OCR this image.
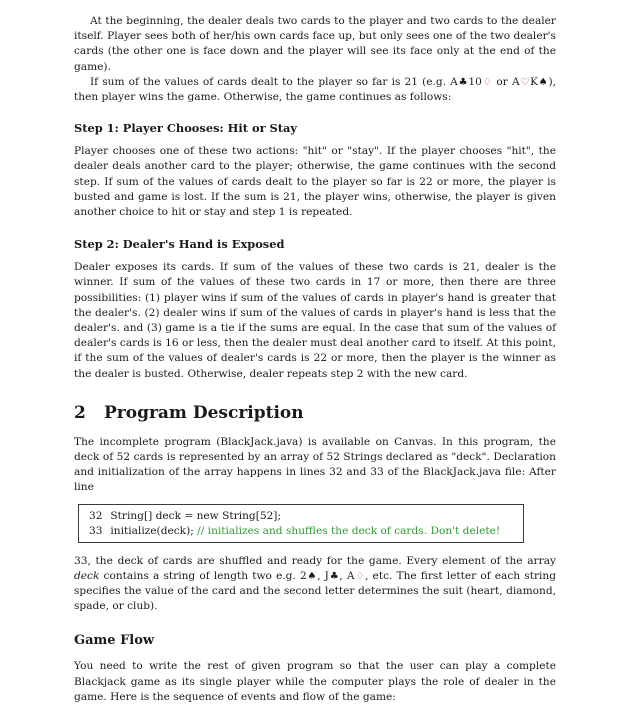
At the beginning, the dealer deals two cards to the player and two cards to the dealer itself. Player sees both of her/his own cards face up, but only sees one of the two dealer's cards (the other one is face down and the player will see its face only at the end of the game).

If sum of the values of cards dealt to the player so far is 21 (e.g. A♣10♢ or A♡K♠), then player wins the game. Otherwise, the game continues as follows:

Step 1: Player Chooses: Hit or Stay

Player chooses one of these two actions: "hit" or "stay". If the player chooses "hit", the dealer deals another card to the player; otherwise, the game continues with the second step. If sum of the values of cards dealt to the player so far is 22 or more, the player is busted and game is lost. If the sum is 21, the player wins, otherwise, the player is given another choice to hit or stay and step 1 is repeated.

Step 2: Dealer's Hand is Exposed

Dealer exposes its cards. If sum of the values of these two cards is 21, dealer is the winner. If sum of the values of these two cards in 17 or more, then there are three possibilities: (1) player wins if sum of the values of cards in player's hand is greater that the dealer's. (2) dealer wins if sum of the values of cards in player's hand is less that the dealer's. and (3) game is a tie if the sums are equal. In the case that sum of the values of dealer's cards is 16 or less, then the dealer must deal another card to itself. At this point, if the sum of the values of dealer's cards is 22 or more, then the player is the winner as the dealer is busted. Otherwise, dealer repeats step 2 with the new card.

2 Program Description

The incomplete program (BlackJack.java) is available on Canvas. In this program, the deck of 52 cards is represented by an array of 52 Strings declared as "deck". Declaration and initialization of the array happens in lines 32 and 33 of the BlackJack.java file: After line

32 String[] deck = new String[52];
33 initialize(deck); // initializes and shuffles the deck of cards. Don't delete!

33, the deck of cards are shuffled and ready for the game. Every element of the array deck contains a string of length two e.g. 2♠, J♣, A♢, etc. The first letter of each string specifies the value of the card and the second letter determines the suit (heart, diamond, spade, or club).

Game Flow

You need to write the rest of given program so that the user can play a complete Blackjack game as its single player while the computer plays the role of dealer in the game. Here is the sequence of events and flow of the game:
